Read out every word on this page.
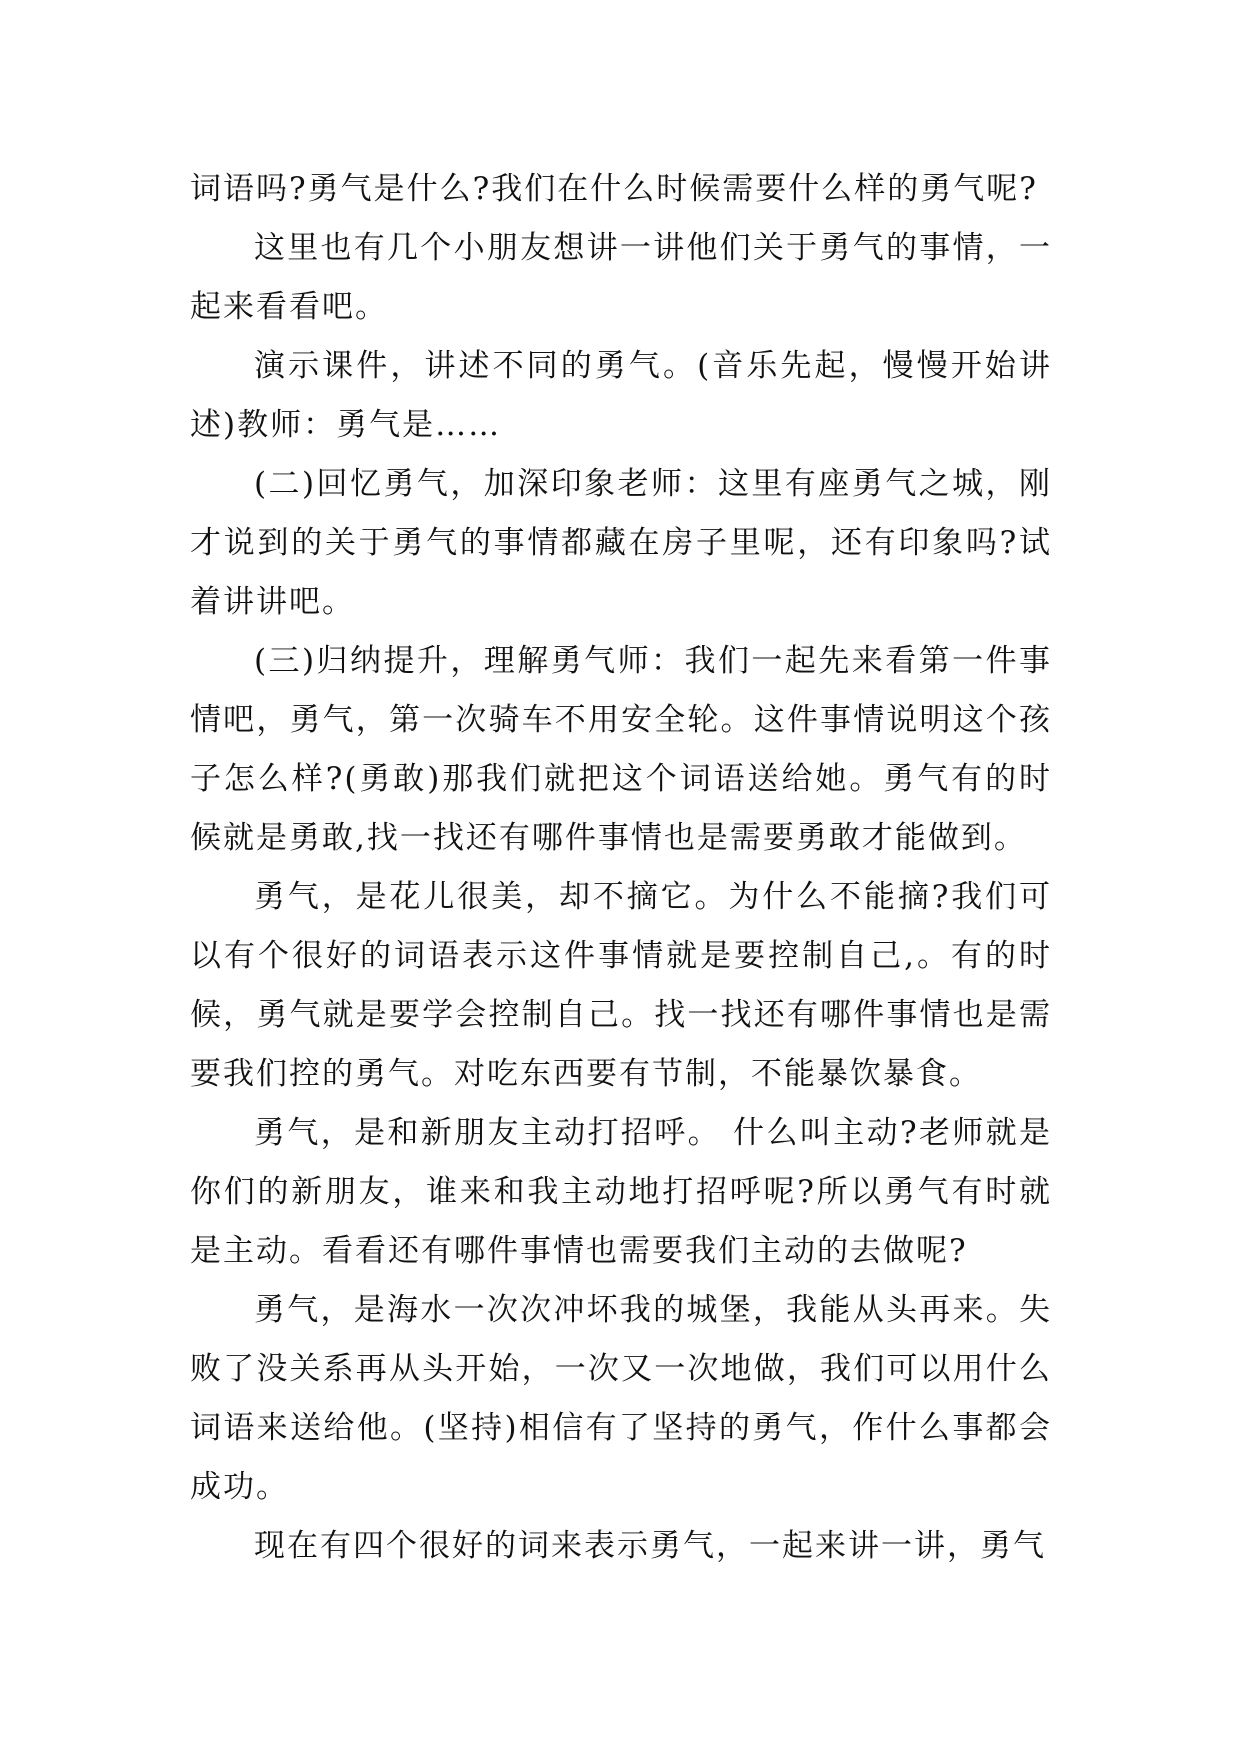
词语吗?勇气是什么?我们在什么时候需要什么样的勇气呢?

这里也有几个小朋友想讲一讲他们关于勇气的事情，一起来看看吧。

演示课件，讲述不同的勇气。(音乐先起，慢慢开始讲述)教师：勇气是……

(二)回忆勇气，加深印象老师：这里有座勇气之城，刚才说到的关于勇气的事情都藏在房子里呢，还有印象吗?试着讲讲吧。

(三)归纳提升，理解勇气师：我们一起先来看第一件事情吧，勇气，第一次骑车不用安全轮。这件事情说明这个孩子怎么样?(勇敢)那我们就把这个词语送给她。勇气有的时候就是勇敢,找一找还有哪件事情也是需要勇敢才能做到。

勇气，是花儿很美，却不摘它。为什么不能摘?我们可以有个很好的词语表示这件事情就是要控制自己,。有的时候，勇气就是要学会控制自己。找一找还有哪件事情也是需要我们控的勇气。对吃东西要有节制，不能暴饮暴食。

勇气，是和新朋友主动打招呼。 什么叫主动?老师就是你们的新朋友，谁来和我主动地打招呼呢?所以勇气有时就是主动。看看还有哪件事情也需要我们主动的去做呢?

勇气，是海水一次次冲坏我的城堡，我能从头再来。失败了没关系再从头开始，一次又一次地做，我们可以用什么词语来送给他。(坚持)相信有了坚持的勇气，作什么事都会成功。

现在有四个很好的词来表示勇气，一起来讲一讲，勇气
